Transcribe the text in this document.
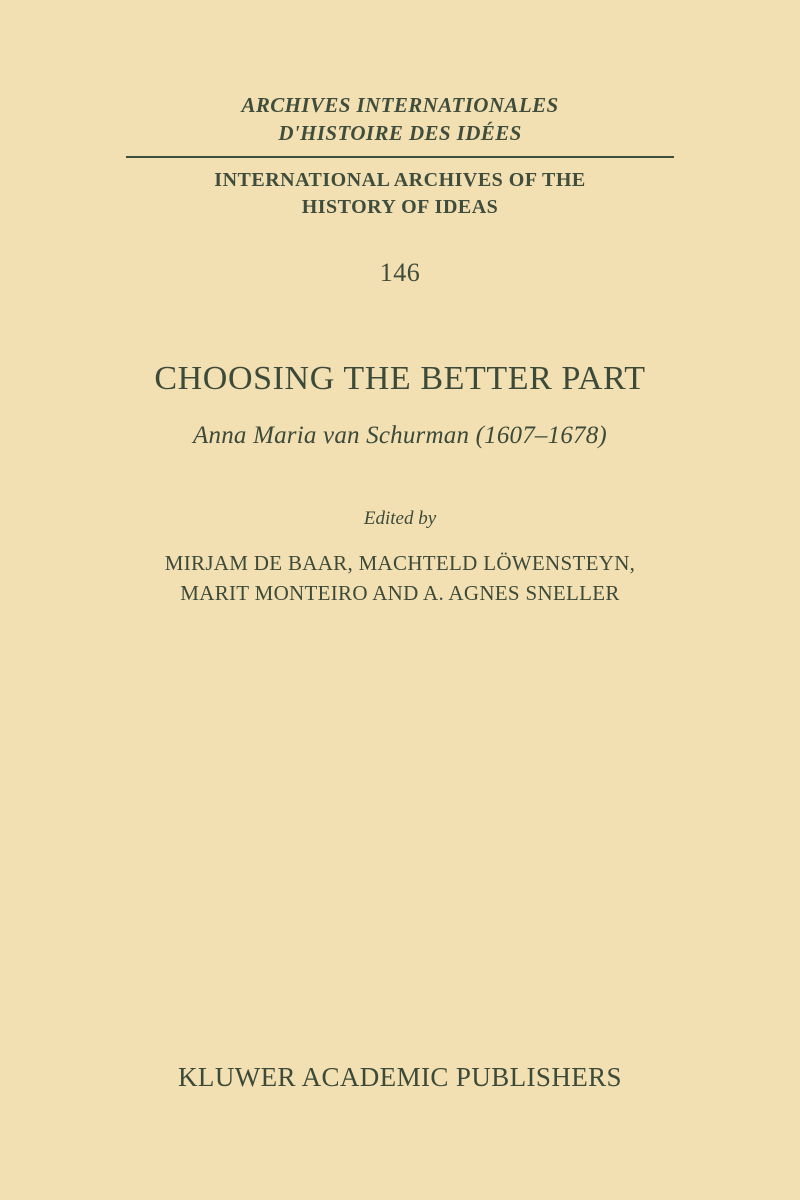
ARCHIVES INTERNATIONALES
D'HISTOIRE DES IDÉES
INTERNATIONAL ARCHIVES OF THE
HISTORY OF IDEAS
146
CHOOSING THE BETTER PART
Anna Maria van Schurman (1607–1678)
Edited by
MIRJAM DE BAAR, MACHTELD LÖWENSTEYN,
MARIT MONTEIRO AND A. AGNES SNELLER
KLUWER ACADEMIC PUBLISHERS
